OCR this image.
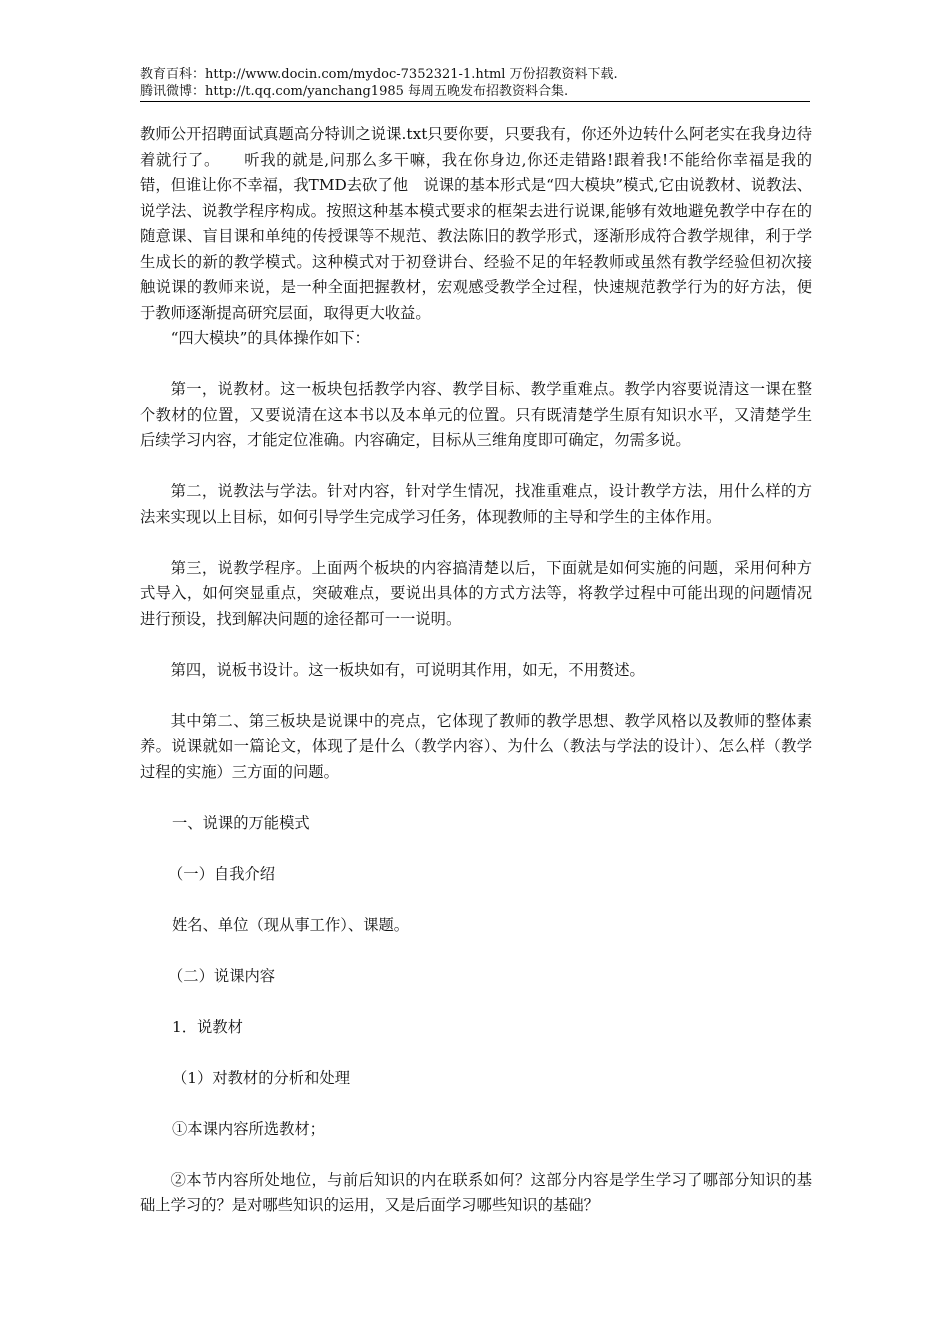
教育百科：http://www.docin.com/mydoc-7352321-1.html 万份招教资料下载.
腾讯微博：http://t.qq.com/yanchang1985 每周五晚发布招教资料合集.

教师公开招聘面试真题高分特训之说课.txt只要你要，只要我有，你还外边转什么阿老实在我身边待着就行了。　　听我的就是,问那么多干嘛，我在你身边,你还走错路!跟着我!不能给你幸福是我的错，但谁让你不幸福，我TMD去砍了他　说课的基本形式是“四大模块”模式,它由说教材、说教法、说学法、说教学程序构成。按照这种基本模式要求的框架去进行说课,能够有效地避免教学中存在的随意课、盲目课和单纯的传授课等不规范、教法陈旧的教学形式，逐渐形成符合教学规律，利于学生成长的新的教学模式。这种模式对于初登讲台、经验不足的年轻教师或虽然有教学经验但初次接触说课的教师来说，是一种全面把握教材，宏观感受教学全过程，快速规范教学行为的好方法，便于教师逐渐提高研究层面，取得更大收益。

“四大模块”的具体操作如下：

第一，说教材。这一板块包括教学内容、教学目标、教学重难点。教学内容要说清这一课在整个教材的位置，又要说清在这本书以及本单元的位置。只有既清楚学生原有知识水平，又清楚学生后续学习内容，才能定位准确。内容确定，目标从三维角度即可确定，勿需多说。

第二，说教法与学法。针对内容，针对学生情况，找准重难点，设计教学方法，用什么样的方法来实现以上目标，如何引导学生完成学习任务，体现教师的主导和学生的主体作用。

第三，说教学程序。上面两个板块的内容搞清楚以后，下面就是如何实施的问题，采用何种方式导入，如何突显重点，突破难点，要说出具体的方式方法等，将教学过程中可能出现的问题情况进行预设，找到解决问题的途径都可一一说明。

第四，说板书设计。这一板块如有，可说明其作用，如无，不用赘述。

其中第二、第三板块是说课中的亮点，它体现了教师的教学思想、教学风格以及教师的整体素养。说课就如一篇论文，体现了是什么（教学内容）、为什么（教法与学法的设计）、怎么样（教学过程的实施）三方面的问题。

一、说课的万能模式

（一）自我介绍

姓名、单位（现从事工作）、课题。

（二）说课内容

1．说教材

（1）对教材的分析和处理

①本课内容所选教材；

②本节内容所处地位，与前后知识的内在联系如何？这部分内容是学生学习了哪部分知识的基础上学习的？是对哪些知识的运用，又是后面学习哪些知识的基础？
